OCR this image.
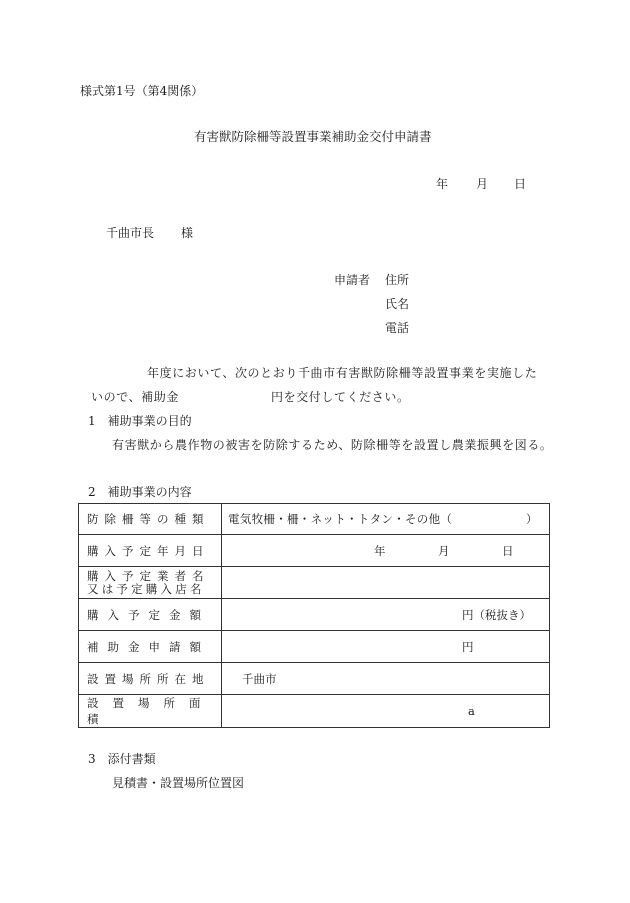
様式第1号（第4関係）
有害獣防除柵等設置事業補助金交付申請書
年 月 日
千曲市長 様
申請者 住所
氏名
電話
年度において、次のとおり千曲市有害獣防除柵等設置事業を実施した
いので、補助金	円を交付してください。
1　補助事業の目的
有害獣から農作物の被害を防除するため、防除柵等を設置し農業振興を図る。
2　補助事業の内容
防除柵等の種類	電気牧柵・柵・ネット・トタン・その他（ ）

購入予定年月日	年 月 日

購入予定業者名
又は予定購入店名	

購入予定金額	円（税抜き）

補助金申請額	円

設置場所所在地	千曲市

設置場所面積	a
3　添付書類
見積書・設置場所位置図
